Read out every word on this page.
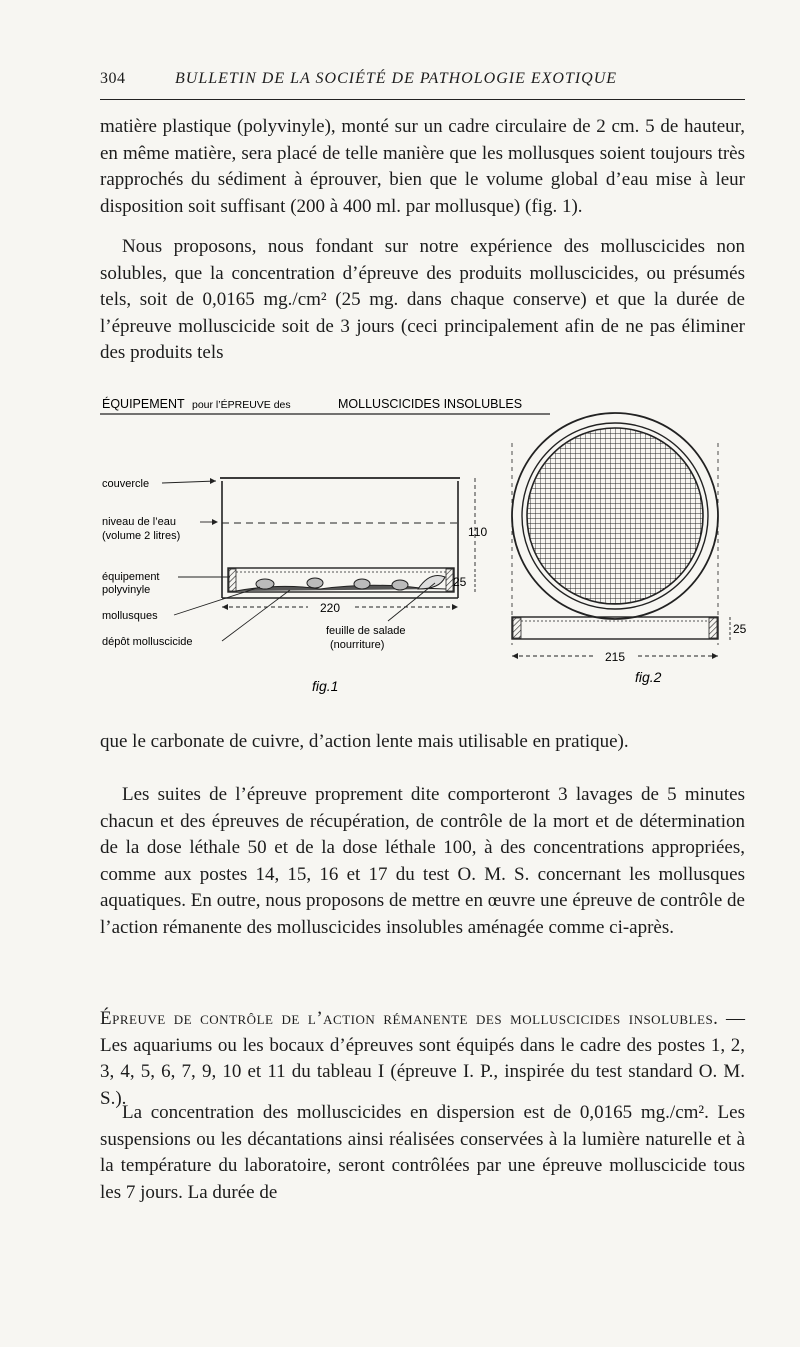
304	BULLETIN DE LA SOCIÉTÉ DE PATHOLOGIE EXOTIQUE

matière plastique (polyvinyle), monté sur un cadre circulaire de 2 cm. 5 de hauteur, en même matière, sera placé de telle manière que les mollusques soient toujours très rapprochés du sédiment à éprouver, bien que le volume global d’eau mise à leur disposition soit suffisant (200 à 400 ml. par mollusque) (fig. 1).

Nous proposons, nous fondant sur notre expérience des molluscicides non solubles, que la concentration d’épreuve des produits molluscicides, ou présumés tels, soit de 0,0165 mg./cm² (25 mg. dans chaque conserve) et que la durée de l’épreuve molluscicide soit de 3 jours (ceci principalement afin de ne pas éliminer des produits tels

ÉQUIPEMENT pour l’ÉPREUVE des	MOLLUSCICIDES INSOLUBLES
couvercle
niveau de l’eau
(volume 2 litres)
équipement
polyvinyle
mollusques
dépôt molluscicide
feuille de salade
(nourriture)
220
110
25
215
25
fig.1
fig.2

que le carbonate de cuivre, d’action lente mais utilisable en pratique).

Les suites de l’épreuve proprement dite comporteront 3 lavages de 5 minutes chacun et des épreuves de récupération, de contrôle de la mort et de détermination de la dose léthale 50 et de la dose léthale 100, à des concentrations appropriées, comme aux postes 14, 15, 16 et 17 du test O. M. S. concernant les mollusques aquatiques. En outre, nous proposons de mettre en œuvre une épreuve de contrôle de l’action rémanente des molluscicides insolubles aménagée comme ci-après.

Épreuve de contrôle de l’action rémanente des molluscicides insolubles. — Les aquariums ou les bocaux d’épreuves sont équipés dans le cadre des postes 1, 2, 3, 4, 5, 6, 7, 9, 10 et 11 du tableau I (épreuve I. P., inspirée du test standard O. M. S.).

La concentration des molluscicides en dispersion est de 0,0165 mg./cm². Les suspensions ou les décantations ainsi réalisées conservées à la lumière naturelle et à la température du laboratoire, seront contrôlées par une épreuve molluscicide tous les 7 jours. La durée de
